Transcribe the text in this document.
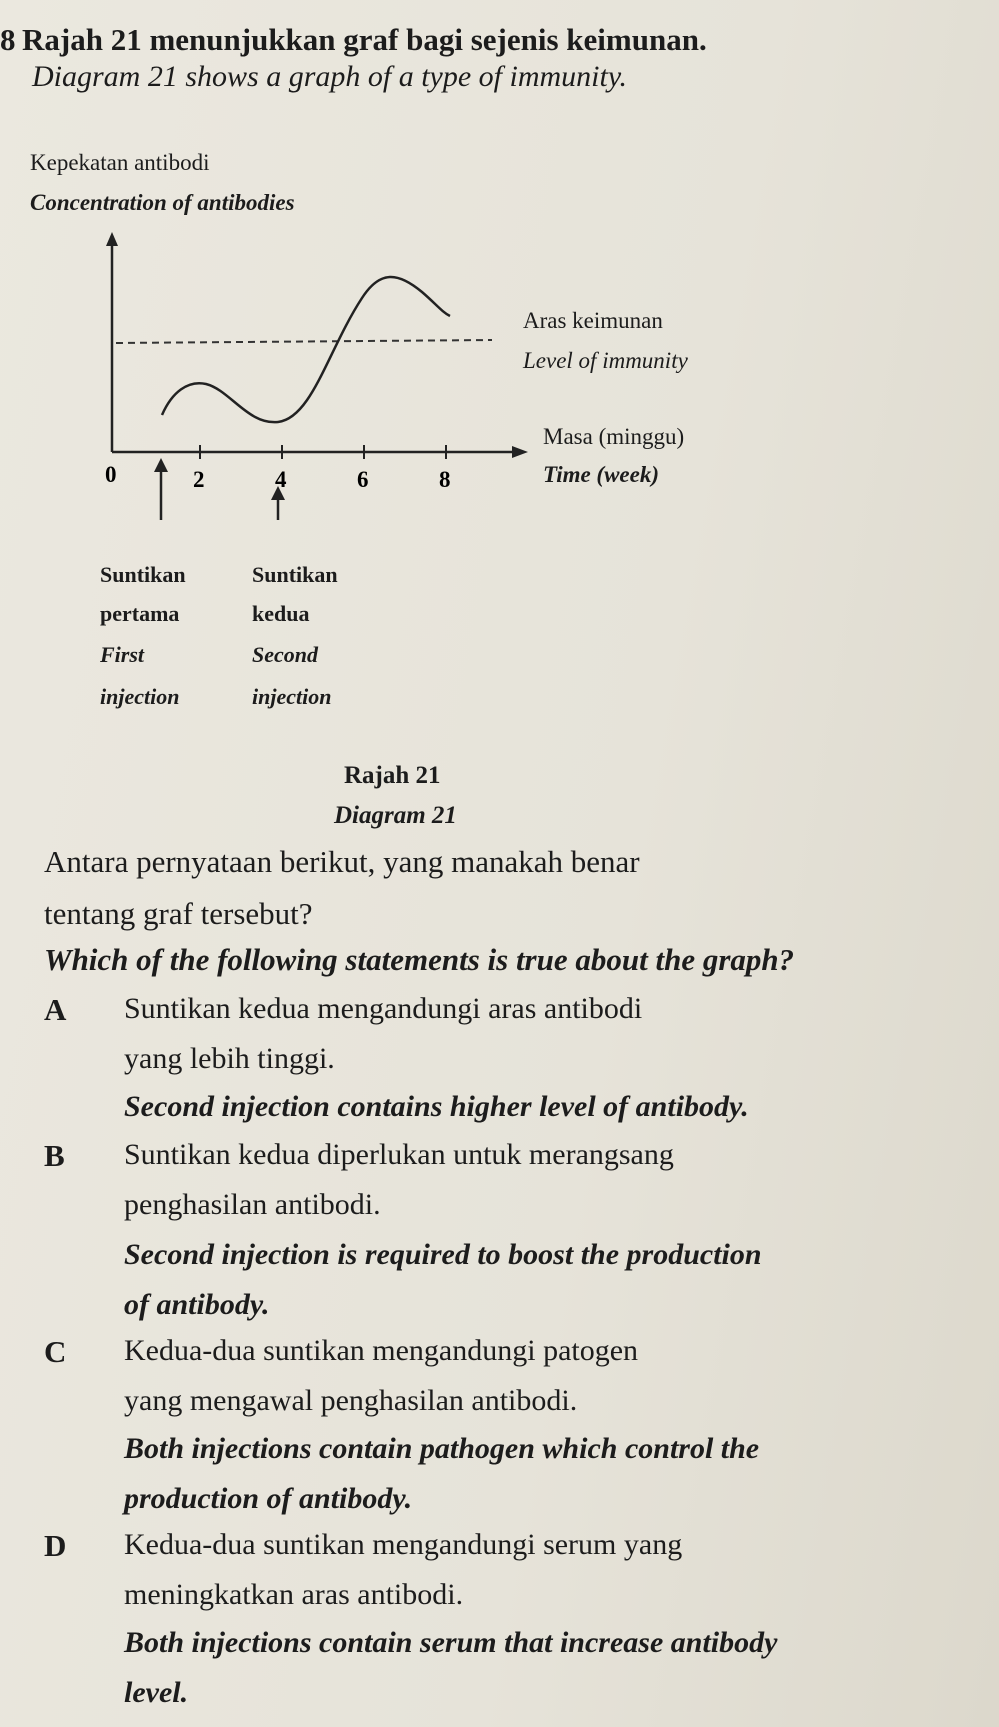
8 Rajah 21 menunjukkan graf bagi sejenis keimunan.
Diagram 21 shows a graph of a type of immunity.
Kepekatan antibodi
Concentration of antibodies
0	2	4	6	8
Aras keimunan
Level of immunity
Masa (minggu)
Time (week)
Suntikan
pertama
First
injection
Suntikan
kedua
Second
injection
Rajah 21
Diagram 21
Antara pernyataan berikut, yang manakah benar
tentang graf tersebut?
Which of the following statements is true about the graph?
A Suntikan kedua mengandungi aras antibodi
yang lebih tinggi.
Second injection contains higher level of antibody.
B Suntikan kedua diperlukan untuk merangsang
penghasilan antibodi.
Second injection is required to boost the production
of antibody.
C Kedua-dua suntikan mengandungi patogen
yang mengawal penghasilan antibodi.
Both injections contain pathogen which control the
production of antibody.
D Kedua-dua suntikan mengandungi serum yang
meningkatkan aras antibodi.
Both injections contain serum that increase antibody
level.
